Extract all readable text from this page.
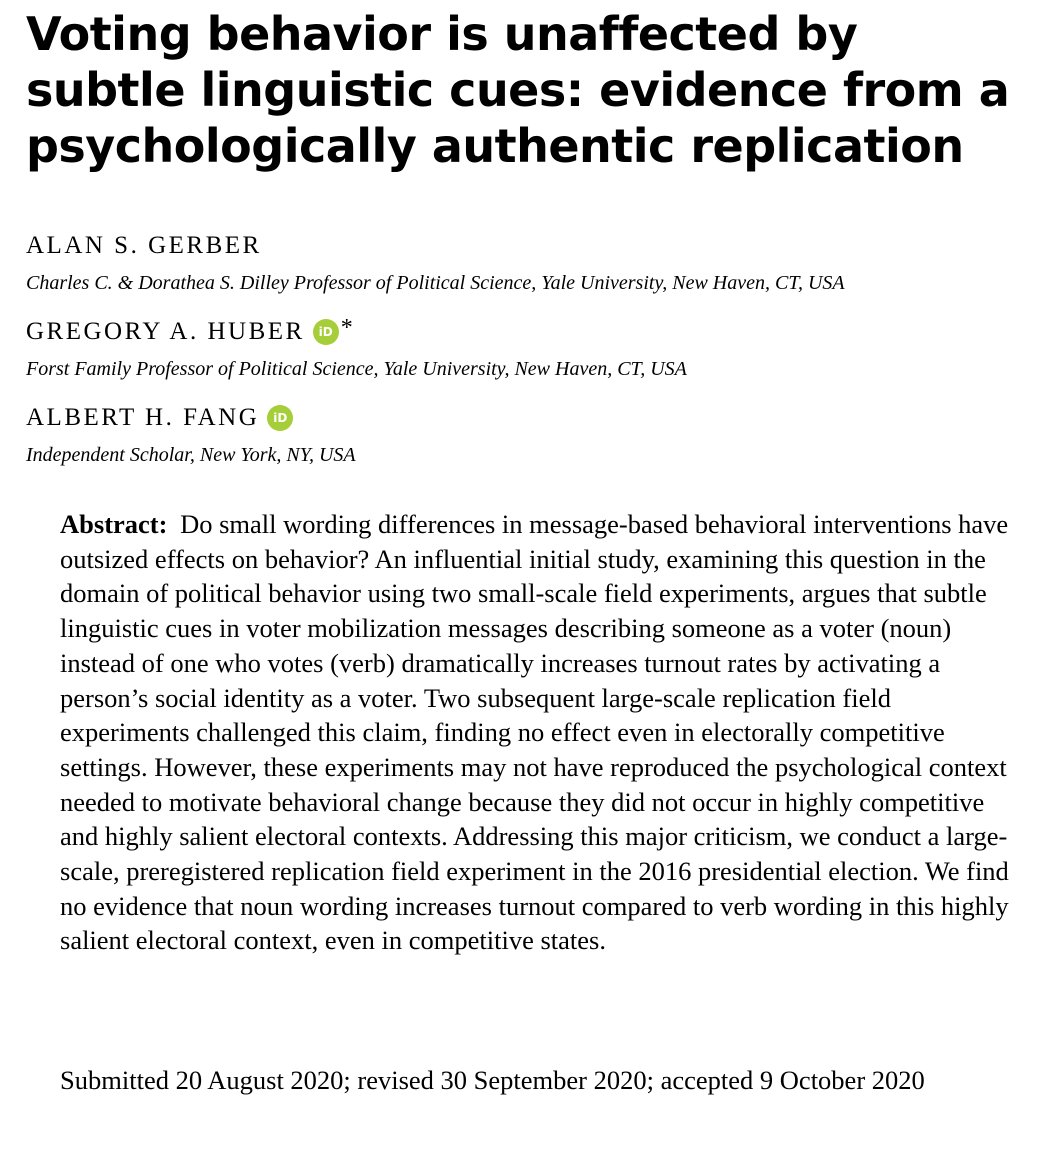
Voting behavior is unaffected by subtle linguistic cues: evidence from a psychologically authentic replication
ALAN S. GERBER
Charles C. & Dorathea S. Dilley Professor of Political Science, Yale University, New Haven, CT, USA
GREGORY A. HUBER	iD *
Forst Family Professor of Political Science, Yale University, New Haven, CT, USA
ALBERT H. FANG	iD
Independent Scholar, New York, NY, USA

Abstract: Do small wording differences in message-based behavioral interventions have outsized effects on behavior? An influential initial study, examining this question in the domain of political behavior using two small-scale field experiments, argues that subtle linguistic cues in voter mobilization messages describing someone as a voter (noun) instead of one who votes (verb) dramatically increases turnout rates by activating a person’s social identity as a voter. Two subsequent large-scale replication field experiments challenged this claim, finding no effect even in electorally competitive settings. However, these experiments may not have reproduced the psychological context needed to motivate behavioral change because they did not occur in highly competitive and highly salient electoral contexts. Addressing this major criticism, we conduct a large-scale, preregistered replication field experiment in the 2016 presidential election. We find no evidence that noun wording increases turnout compared to verb wording in this highly salient electoral context, even in competitive states.

Submitted 20 August 2020; revised 30 September 2020; accepted 9 October 2020
